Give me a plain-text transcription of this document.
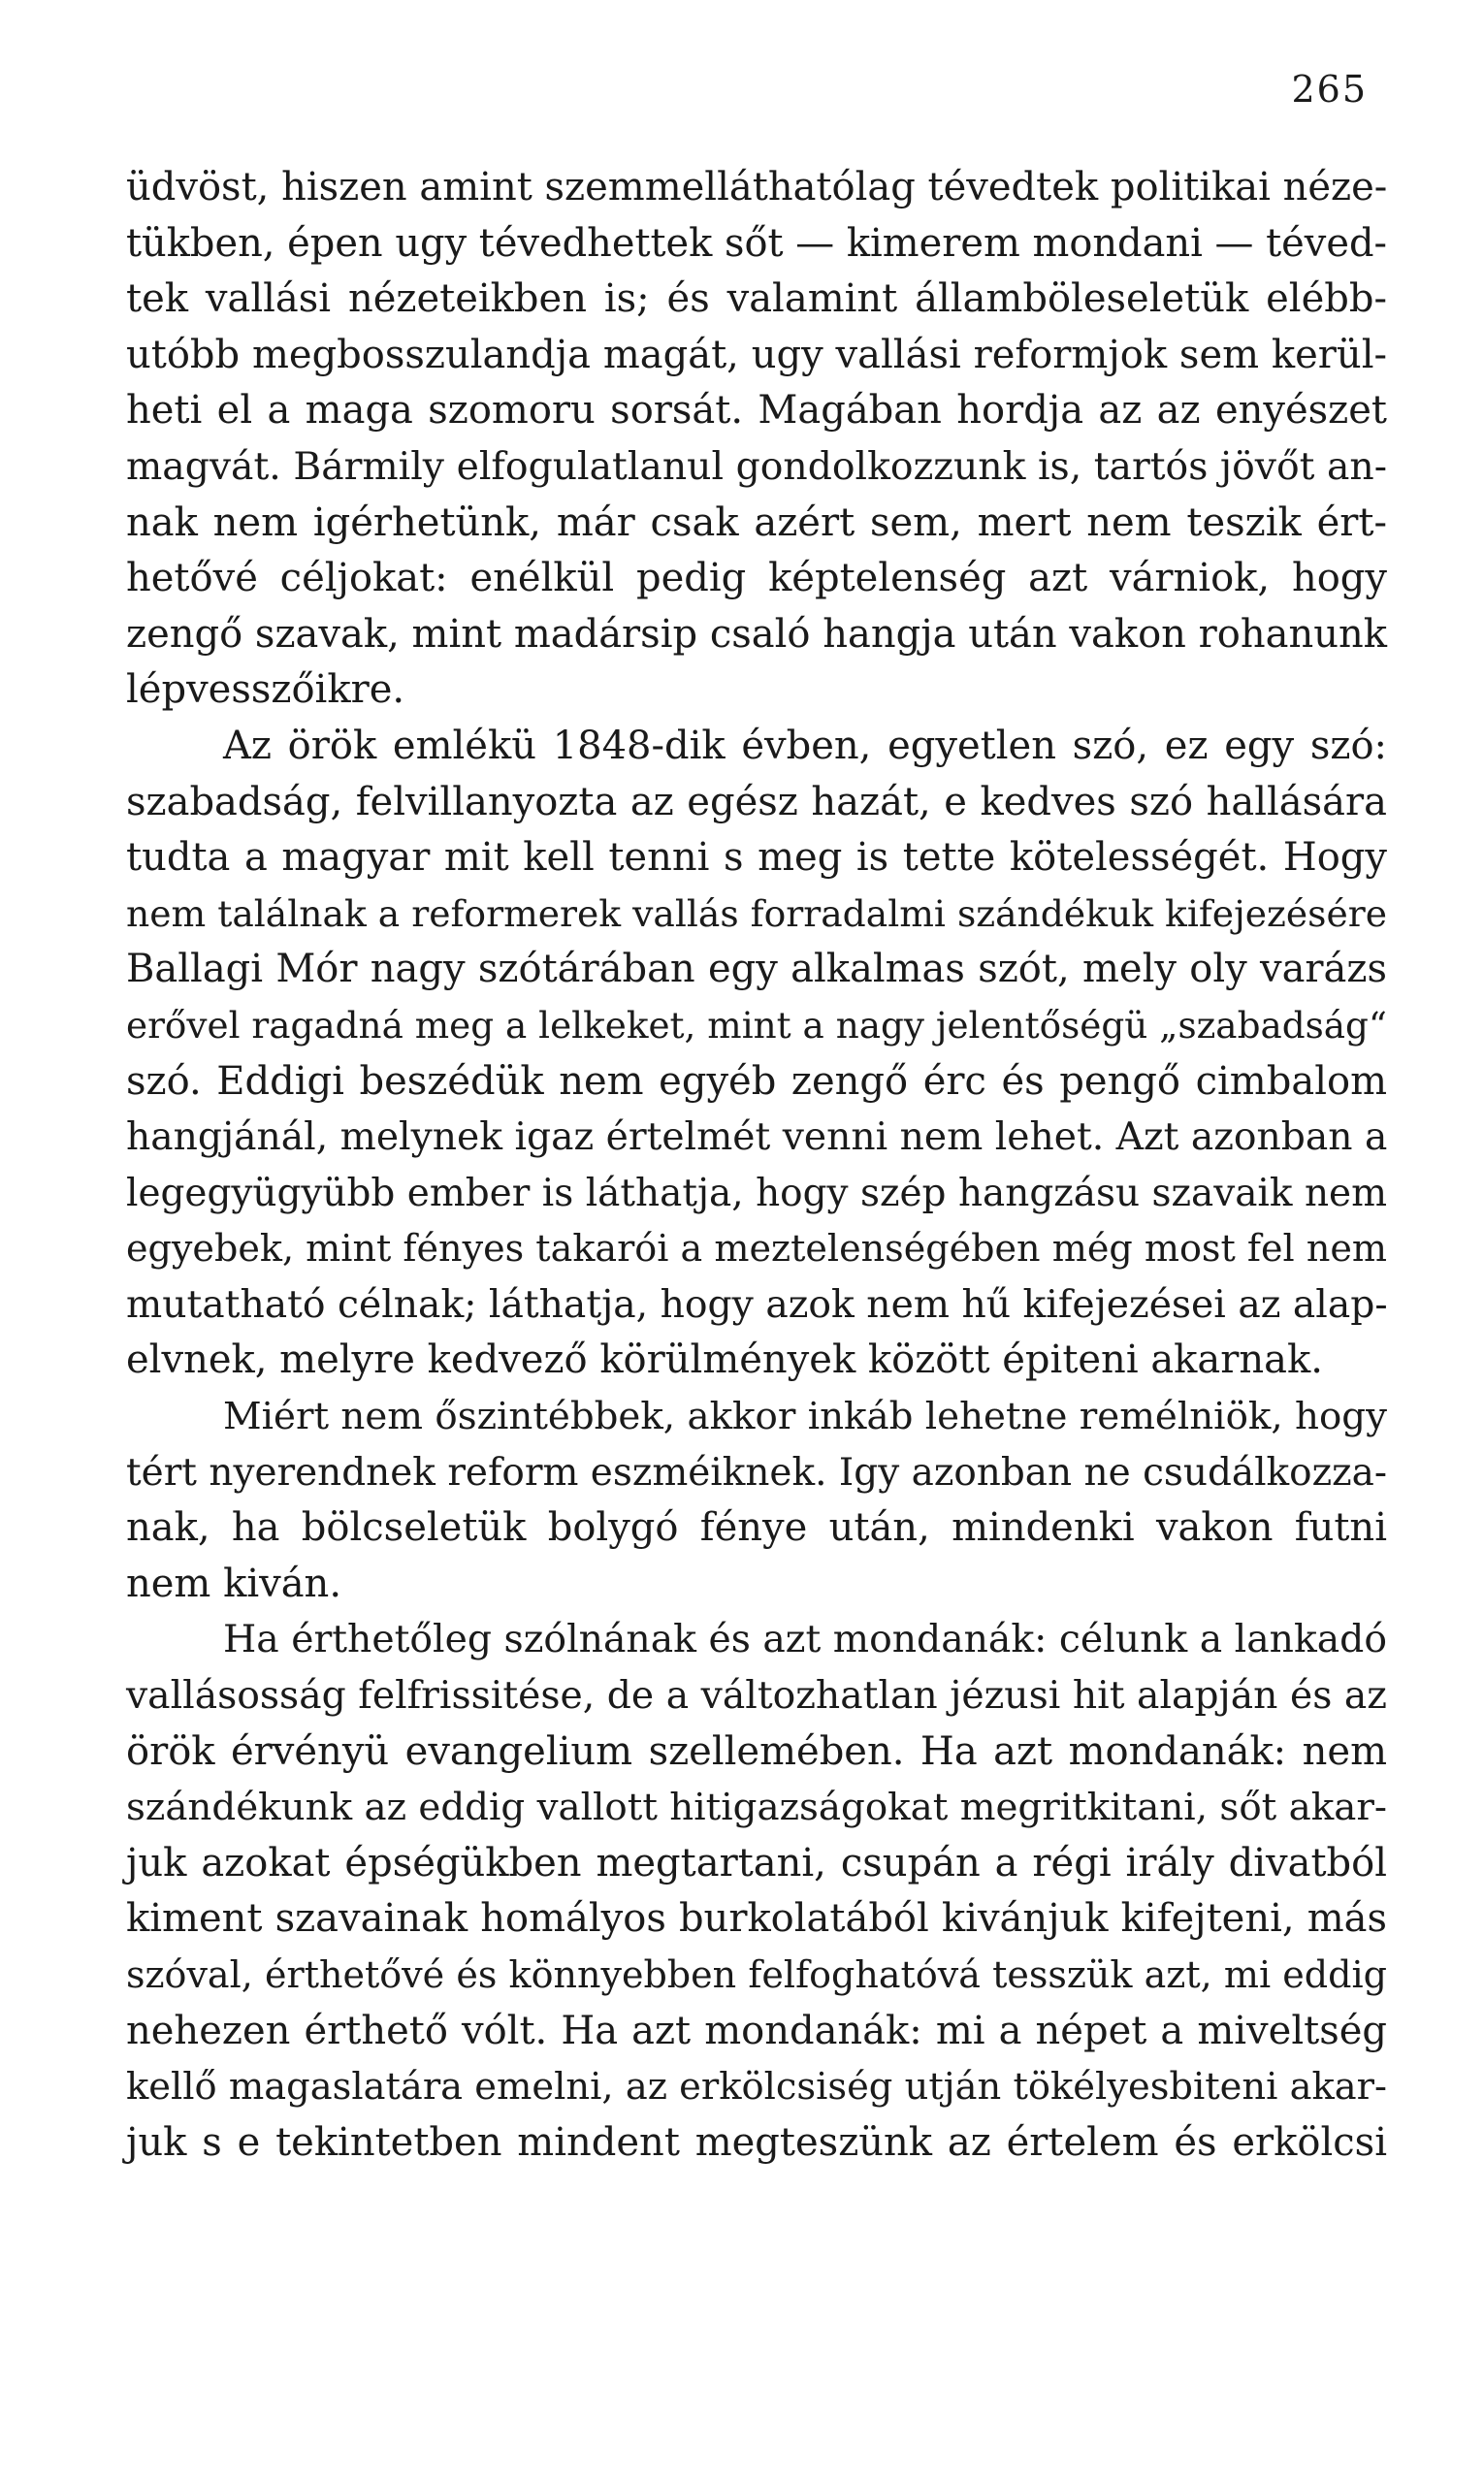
265
üdvöst, hiszen amint szemmelláthatólag tévedtek politikai néze-
tükben, épen ugy tévedhettek sőt — kimerem mondani — téved-
tek vallási nézeteikben is; és valamint államböleseletük elébb-
utóbb megbosszulandja magát, ugy vallási reformjok sem kerül-
heti el a maga szomoru sorsát. Magában hordja az az enyészet
magvát. Bármily elfogulatlanul gondolkozzunk is, tartós jövőt an-
nak nem igérhetünk, már csak azért sem, mert nem teszik ért-
hetővé céljokat: enélkül pedig képtelenség azt várniok, hogy
zengő szavak, mint madársip csaló hangja után vakon rohanunk
lépvesszőikre.
Az örök emlékü 1848-dik évben, egyetlen szó, ez egy szó:
szabadság, felvillanyozta az egész hazát, e kedves szó hallására
tudta a magyar mit kell tenni s meg is tette kötelességét. Hogy
nem találnak a reformerek vallás forradalmi szándékuk kifejezésére
Ballagi Mór nagy szótárában egy alkalmas szót, mely oly varázs
erővel ragadná meg a lelkeket, mint a nagy jelentőségü „szabadság“
szó. Eddigi beszédük nem egyéb zengő érc és pengő cimbalom
hangjánál, melynek igaz értelmét venni nem lehet. Azt azonban a
legegyügyübb ember is láthatja, hogy szép hangzásu szavaik nem
egyebek, mint fényes takarói a meztelenségében még most fel nem
mutatható célnak; láthatja, hogy azok nem hű kifejezései az alap-
elvnek, melyre kedvező körülmények között épiteni akarnak.
Miért nem őszintébbek, akkor inkáb lehetne remélniök, hogy
tért nyerendnek reform eszméiknek. Igy azonban ne csudálkozza-
nak, ha bölcseletük bolygó fénye után, mindenki vakon futni
nem kiván.
Ha érthetőleg szólnának és azt mondanák: célunk a lankadó
vallásosság felfrissitése, de a változhatlan jézusi hit alapján és az
örök érvényü evangelium szellemében. Ha azt mondanák: nem
szándékunk az eddig vallott hitigazságokat megritkitani, sőt akar-
juk azokat épségükben megtartani, csupán a régi irály divatból
kiment szavainak homályos burkolatából kivánjuk kifejteni, más
szóval, érthetővé és könnyebben felfoghatóvá tesszük azt, mi eddig
nehezen érthető vólt. Ha azt mondanák: mi a népet a miveltség
kellő magaslatára emelni, az erkölcsiség utján tökélyesbiteni akar-
juk s e tekintetben mindent megteszünk az értelem és erkölcsi
